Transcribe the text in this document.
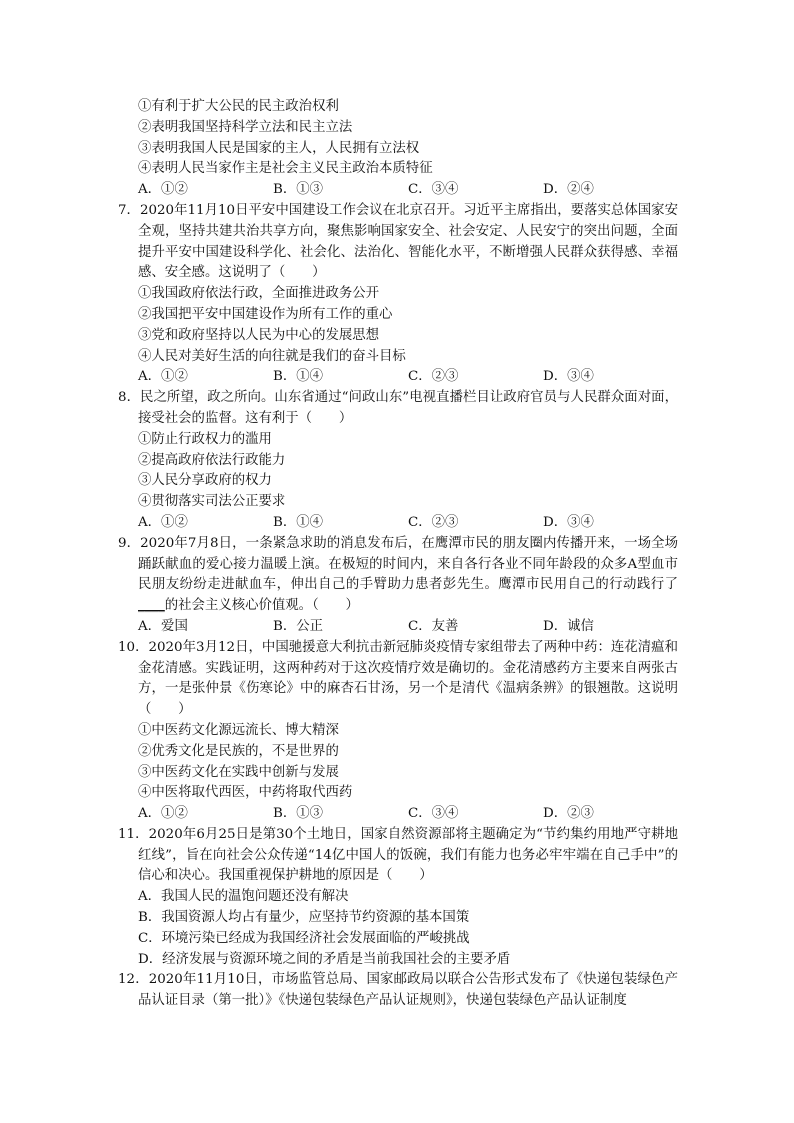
①有利于扩大公民的民主政治权利
②表明我国坚持科学立法和民主立法
③表明我国人民是国家的主人，人民拥有立法权
④表明人民当家作主是社会主义民主政治本质特征
A．①②	B．①③	C．③④	D．②④
7．2020年11月10日平安中国建设工作会议在北京召开。习近平主席指出，要落实总体国家安全观，坚持共建共治共享方向，聚焦影响国家安全、社会安定、人民安宁的突出问题，全面提升平安中国建设科学化、社会化、法治化、智能化水平，不断增强人民群众获得感、幸福感、安全感。这说明了（　　）
①我国政府依法行政，全面推进政务公开
②我国把平安中国建设作为所有工作的重心
③党和政府坚持以人民为中心的发展思想
④人民对美好生活的向往就是我们的奋斗目标
A．①②	B．①④	C．②③	D．③④
8．民之所望，政之所向。山东省通过“问政山东”电视直播栏目让政府官员与人民群众面对面，接受社会的监督。这有利于（　　）
①防止行政权力的滥用
②提高政府依法行政能力
③人民分享政府的权力
④贯彻落实司法公正要求
A．①②	B．①④	C．②③	D．③④
9．2020年7月8日，一条紧急求助的消息发布后，在鹰潭市民的朋友圈内传播开来，一场全场踊跃献血的爱心接力温暖上演。在极短的时间内，来自各行各业不同年龄段的众多A型血市民朋友纷纷走进献血车，伸出自己的手臂助力患者彭先生。鹰潭市民用自己的行动践行了____的社会主义核心价值观。（　　）
A．爱国	B．公正	C．友善	D．诚信
10．2020年3月12日，中国驰援意大利抗击新冠肺炎疫情专家组带去了两种中药：连花清瘟和金花清感。实践证明，这两种药对于这次疫情疗效是确切的。金花清感药方主要来自两张古方，一是张仲景《伤寒论》中的麻杏石甘汤，另一个是清代《温病条辨》的银翘散。这说明（　　）
①中医药文化源远流长、博大精深
②优秀文化是民族的，不是世界的
③中医药文化在实践中创新与发展
④中医将取代西医，中药将取代西药
A．①②	B．①③	C．③④	D．②③
11．2020年6月25日是第30个土地日，国家自然资源部将主题确定为“节约集约用地严守耕地红线”，旨在向社会公众传递“14亿中国人的饭碗，我们有能力也务必牢牢端在自己手中”的信心和决心。我国重视保护耕地的原因是（　　）
A．我国人民的温饱问题还没有解决
B．我国资源人均占有量少，应坚持节约资源的基本国策
C．环境污染已经成为我国经济社会发展面临的严峻挑战
D．经济发展与资源环境之间的矛盾是当前我国社会的主要矛盾
12．2020年11月10日，市场监管总局、国家邮政局以联合公告形式发布了《快递包装绿色产品认证目录（第一批）》《快递包装绿色产品认证规则》，快递包装绿色产品认证制度
